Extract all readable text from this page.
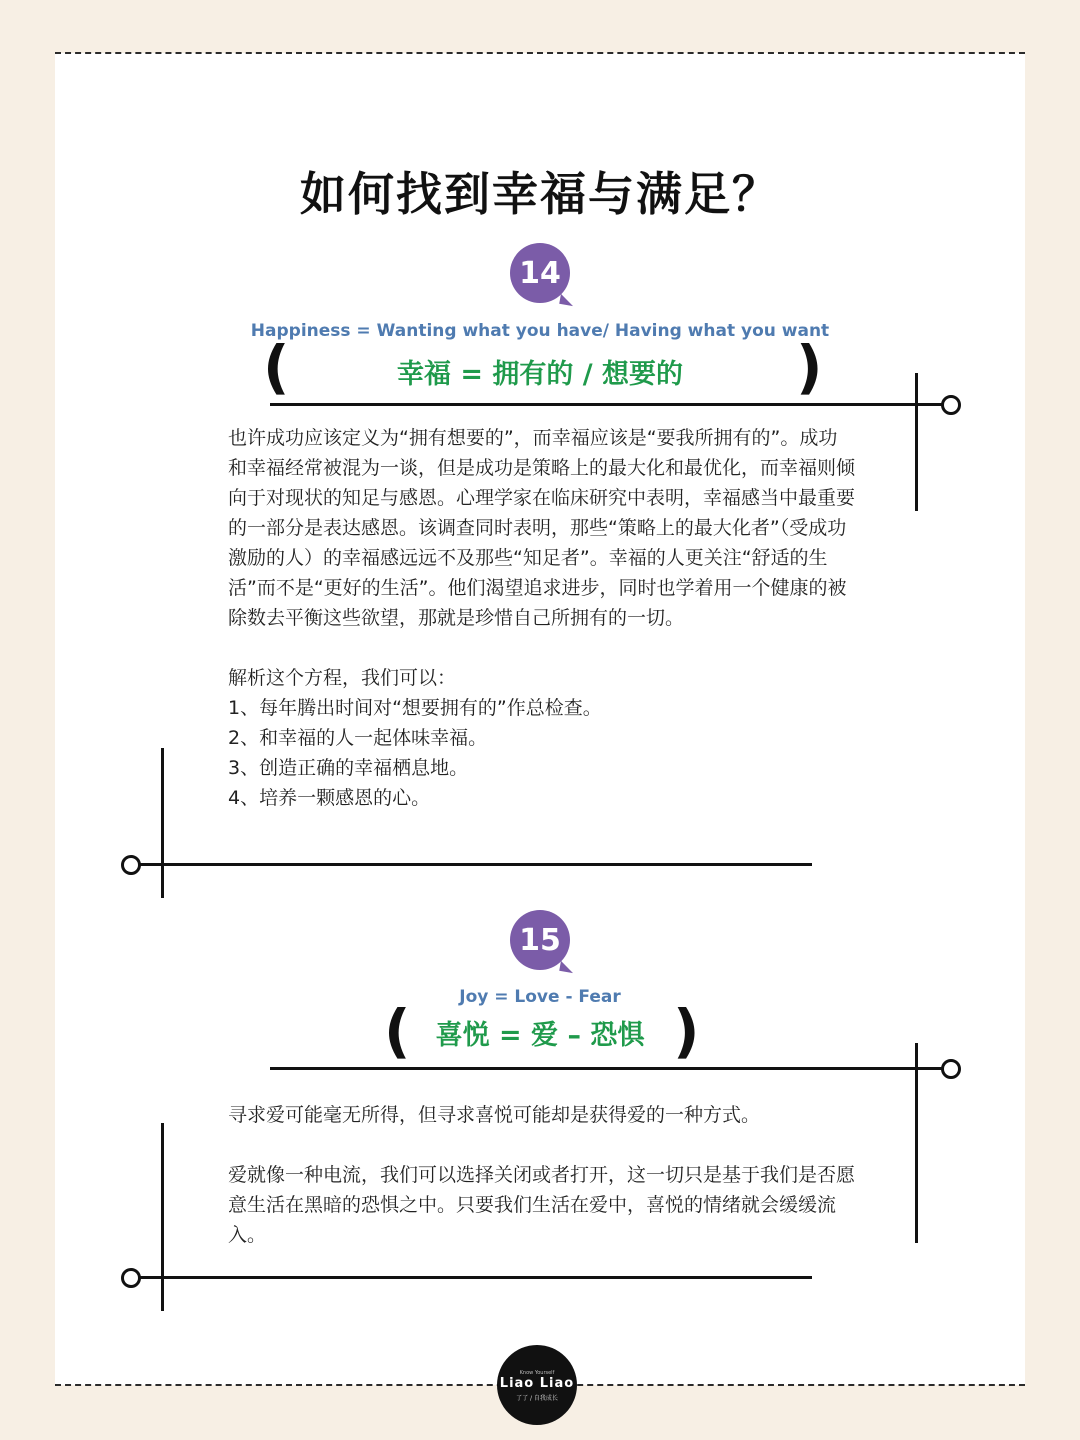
如何找到幸福与满足？
14
Happiness = Wanting what you have/ Having what you want
(	)
幸福 = 拥有的 / 想要的

也许成功应该定义为“拥有想要的”，而幸福应该是“要我所拥有的”。成功和幸福经常被混为一谈，但是成功是策略上的最大化和最优化，而幸福则倾向于对现状的知足与感恩。心理学家在临床研究中表明，幸福感当中最重要的一部分是表达感恩。该调查同时表明，那些“策略上的最大化者”（受成功激励的人）的幸福感远远不及那些“知足者”。幸福的人更关注“舒适的生活”而不是“更好的生活”。他们渴望追求进步，同时也学着用一个健康的被除数去平衡这些欲望，那就是珍惜自己所拥有的一切。

解析这个方程，我们可以：

1、每年腾出时间对“想要拥有的”作总检查。

2、和幸福的人一起体味幸福。

3、创造正确的幸福栖息地。

4、培养一颗感恩的心。

15
Joy = Love - Fear
(	)
喜悦 = 爱 – 恐惧

寻求爱可能毫无所得，但寻求喜悦可能却是获得爱的一种方式。

爱就像一种电流，我们可以选择关闭或者打开，这一切只是基于我们是否愿意生活在黑暗的恐惧之中。只要我们生活在爱中，喜悦的情绪就会缓缓流入。

Know Yourself
Liao Liao
了了 / 自我成长
